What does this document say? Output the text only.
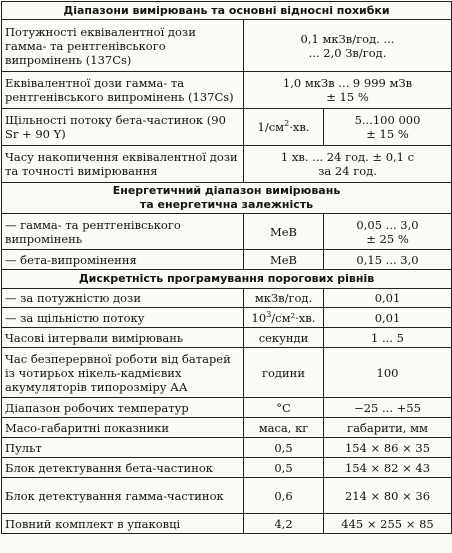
Діапазони вимірювань та основні відносні похибки		
Потужності еквівалентної дози гамма- та рентгенівського випромінень (137Cs)	0,1 мкЗв/год. ...
... 2,0 Зв/год.	
Еквівалентної дози гамма- та рентгенівського випромінень (137Cs)	1,0 мкЗв ... 9 999 мЗв
± 15 %	
Щільності потоку бета-частинок (90 Sr + 90 Y)	$1/см^2\cdot хв$.	5...100 000
± 15 %
Часу накопичення еквівалентної дози та точності вимірювання	1 хв. ... 24 год. ± 0,1 с
за 24 год.	
Енергетичний діапазон вимірювань
та енергетична залежність		
— гамма- та рентгенівського випромінень	MeB	0,05 ... 3,0
± 25 %
— бета-випромінення	MeB	0,15 ... 3,0
Дискретність програмування порогових рівнів		
— за потужністю дози	мкЗв/год.	0,01
— за щільністю потоку	$10^3/см^2\cdot хв$.	0,01
Часові інтервали вимірювань	секунди	1 ... 5
Час безперервної роботи від батарей із чотирьох нікель-кадмієвих акумуляторів типорозміру АА	години	100
Діапазон робочих температур	°C	−25 ... +55
Масо-габаритні показники	маса, кг	габарити, мм
Пульт	0,5	154 × 86 × 35
Блок детектування бета-частинок	0,5	154 × 82 × 43
Блок детектування гамма-частинок	0,6	214 × 80 × 36
Повний комплект в упаковці	4,2	445 × 255 × 85
